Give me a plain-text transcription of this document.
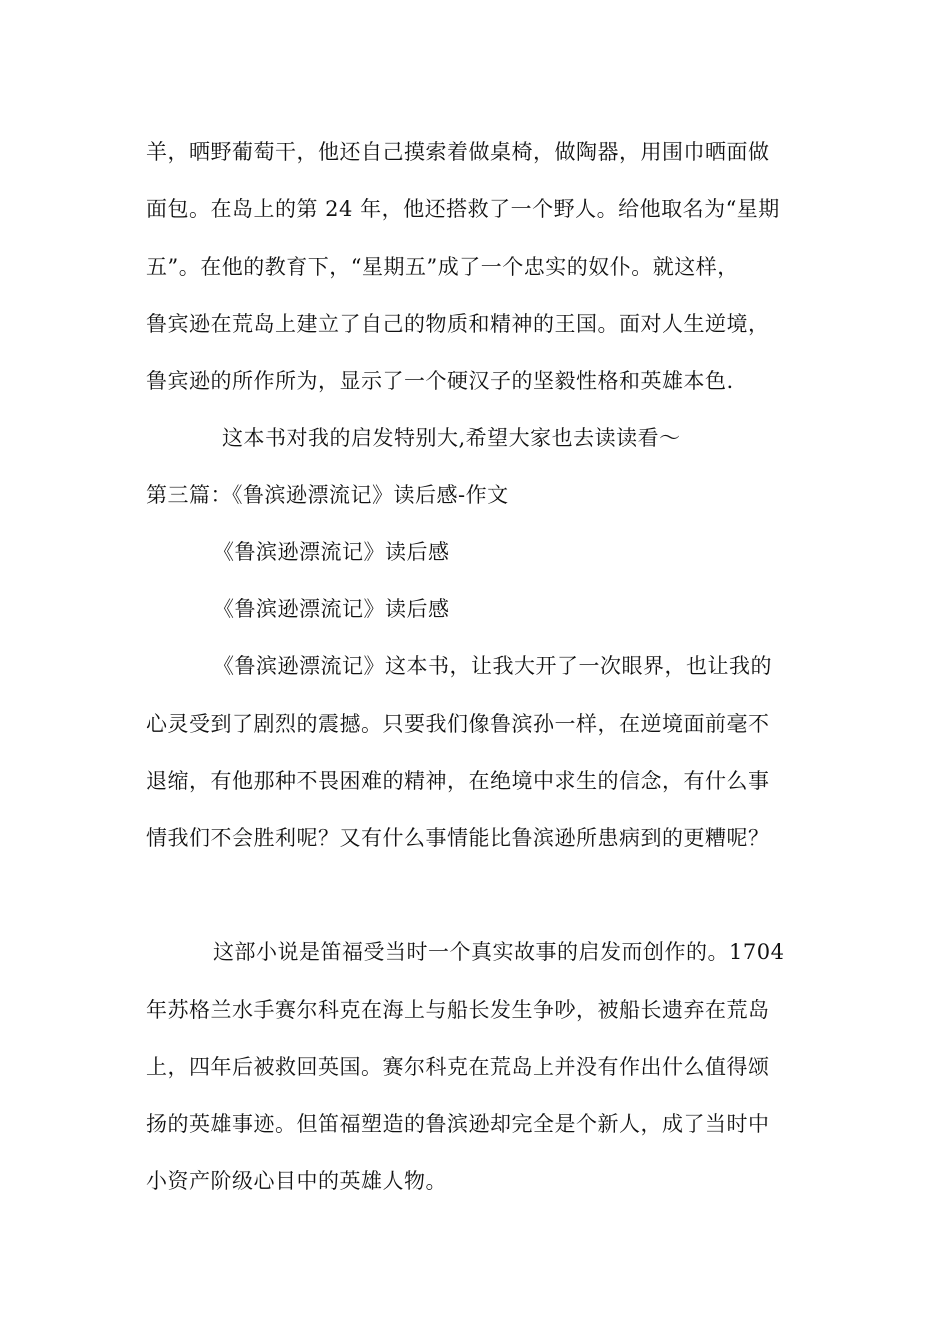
羊，晒野葡萄干，他还自己摸索着做桌椅，做陶器，用围巾晒面做
面包。在岛上的第 24 年，他还搭救了一个野人。给他取名为“星期
五”。在他的教育下，“星期五”成了一个忠实的奴仆。就这样，
鲁宾逊在荒岛上建立了自己的物质和精神的王国。面对人生逆境，
鲁宾逊的所作所为，显示了一个硬汉子的坚毅性格和英雄本色.
这本书对我的启发特别大,希望大家也去读读看～
第三篇：《鲁滨逊漂流记》读后感-作文
《鲁滨逊漂流记》读后感
《鲁滨逊漂流记》读后感
《鲁滨逊漂流记》这本书，让我大开了一次眼界，也让我的
心灵受到了剧烈的震撼。只要我们像鲁滨孙一样，在逆境面前毫不
退缩，有他那种不畏困难的精神，在绝境中求生的信念，有什么事
情我们不会胜利呢？又有什么事情能比鲁滨逊所患病到的更糟呢？
这部小说是笛福受当时一个真实故事的启发而创作的。1704
年苏格兰水手赛尔科克在海上与船长发生争吵，被船长遗弃在荒岛
上，四年后被救回英国。赛尔科克在荒岛上并没有作出什么值得颂
扬的英雄事迹。但笛福塑造的鲁滨逊却完全是个新人，成了当时中
小资产阶级心目中的英雄人物。
